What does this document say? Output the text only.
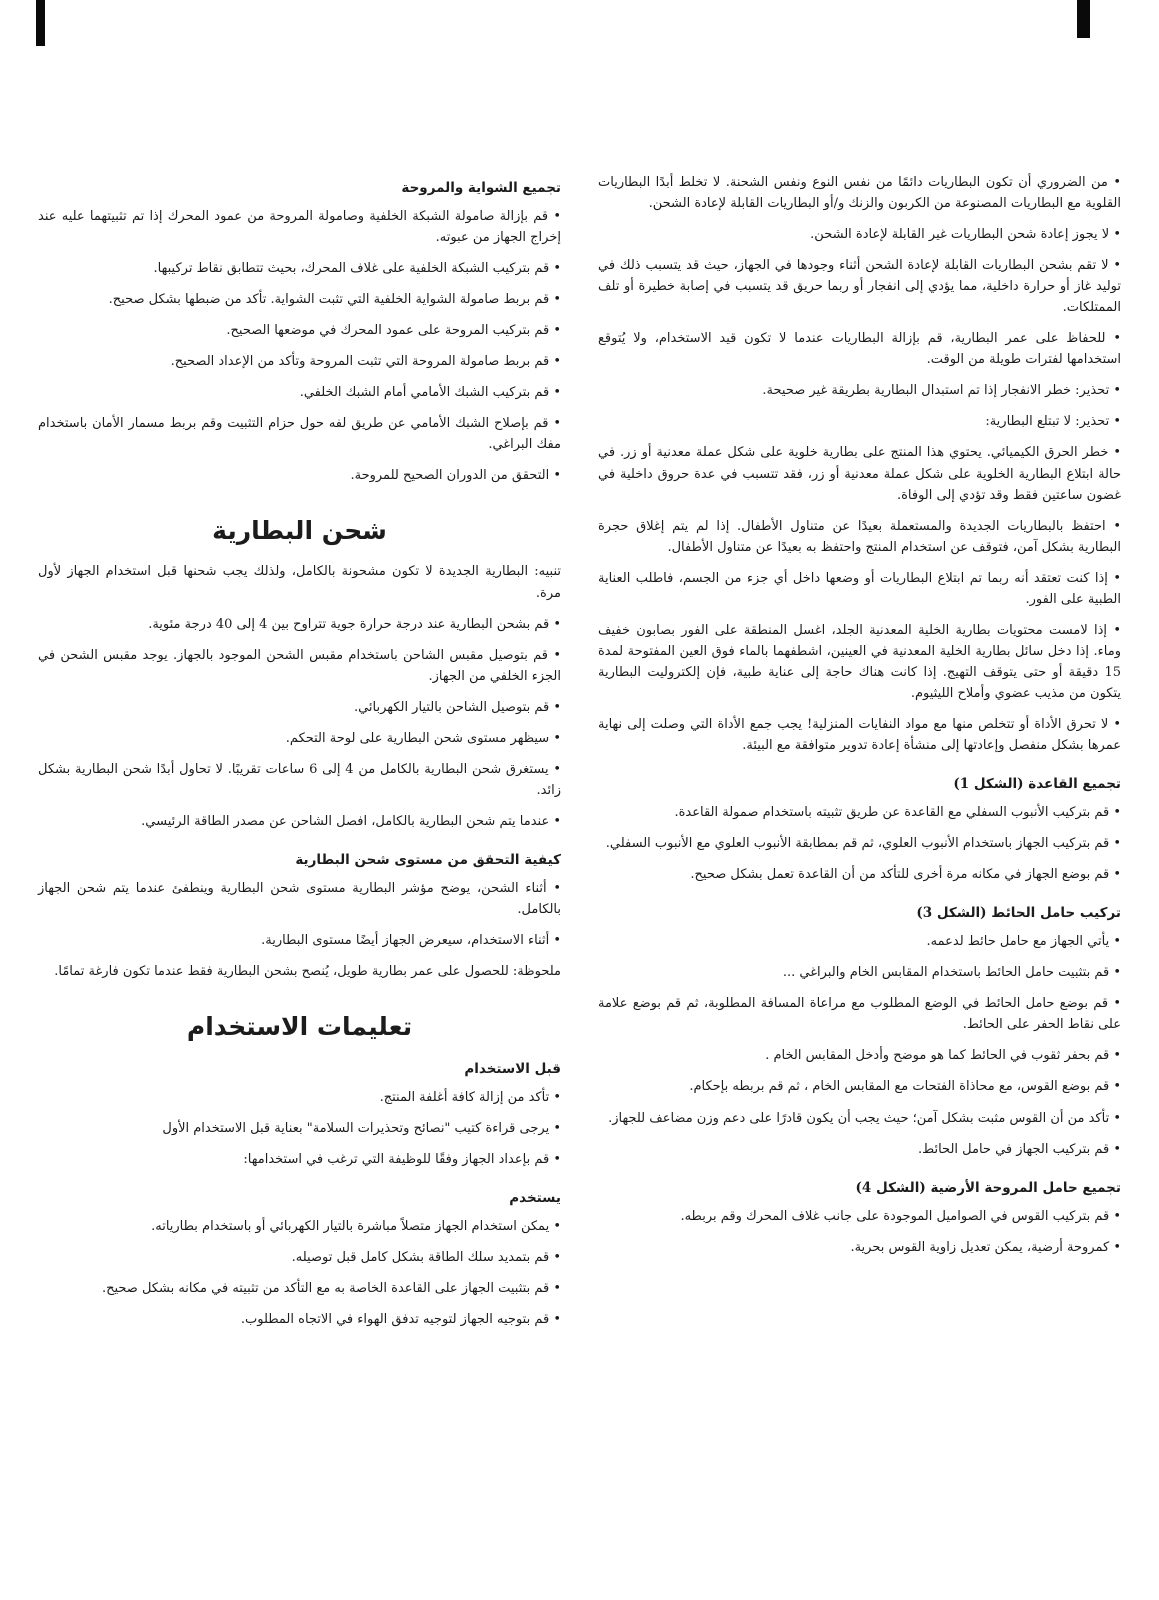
• من الضروري أن تكون البطاريات دائمًا من نفس النوع ونفس الشحنة. لا تخلط أبدًا البطاريات القلوية مع البطاريات المصنوعة من الكربون والزنك و/أو البطاريات القابلة لإعادة الشحن.

• لا يجوز إعادة شحن البطاريات غير القابلة لإعادة الشحن.

• لا تقم بشحن البطاريات القابلة لإعادة الشحن أثناء وجودها في الجهاز، حيث قد يتسبب ذلك في توليد غاز أو حرارة داخلية، مما يؤدي إلى انفجار أو ربما حريق قد يتسبب في إصابة خطيرة أو تلف الممتلكات.

• للحفاظ على عمر البطارية، قم بإزالة البطاريات عندما لا تكون قيد الاستخدام، ولا يُتوقع استخدامها لفترات طويلة من الوقت.

• تحذير: خطر الانفجار إذا تم استبدال البطارية بطريقة غير صحيحة.

• تحذير: لا تبتلع البطارية:

• خطر الحرق الكيميائي. يحتوي هذا المنتج على بطارية خلوية على شكل عملة معدنية أو زر. في حالة ابتلاع البطارية الخلوية على شكل عملة معدنية أو زر، فقد تتسبب في عدة حروق داخلية في غضون ساعتين فقط وقد تؤدي إلى الوفاة.

• احتفظ بالبطاريات الجديدة والمستعملة بعيدًا عن متناول الأطفال. إذا لم يتم إغلاق حجرة البطارية بشكل آمن، فتوقف عن استخدام المنتج واحتفظ به بعيدًا عن متناول الأطفال.

• إذا كنت تعتقد أنه ربما تم ابتلاع البطاريات أو وضعها داخل أي جزء من الجسم، فاطلب العناية الطبية على الفور.

• إذا لامست محتويات بطارية الخلية المعدنية الجلد، اغسل المنطقة على الفور بصابون خفيف وماء. إذا دخل سائل بطارية الخلية المعدنية في العينين، اشطفهما بالماء فوق العين المفتوحة لمدة 15 دقيقة أو حتى يتوقف التهيج. إذا كانت هناك حاجة إلى عناية طبية، فإن إلكتروليت البطارية يتكون من مذيب عضوي وأملاح الليثيوم.

• لا تحرق الأداة أو تتخلص منها مع مواد النفايات المنزلية! يجب جمع الأداة التي وصلت إلى نهاية عمرها بشكل منفصل وإعادتها إلى منشأة إعادة تدوير متوافقة مع البيئة.

تجميع القاعدة (الشكل 1)

• قم بتركيب الأنبوب السفلي مع القاعدة عن طريق تثبيته باستخدام صمولة القاعدة.

• قم بتركيب الجهاز باستخدام الأنبوب العلوي، ثم قم بمطابقة الأنبوب العلوي مع الأنبوب السفلي.

• قم بوضع الجهاز في مكانه مرة أخرى للتأكد من أن القاعدة تعمل بشكل صحيح.

تركيب حامل الحائط (الشكل 3)

• يأتي الجهاز مع حامل حائط لدعمه.

• قم بتثبيت حامل الحائط باستخدام المقابس الخام والبراغي ...

• قم بوضع حامل الحائط في الوضع المطلوب مع مراعاة المسافة المطلوبة، ثم قم بوضع علامة على نقاط الحفر على الحائط.

• قم بحفر ثقوب في الحائط كما هو موضح وأدخل المقابس الخام .

• قم بوضع القوس، مع محاذاة الفتحات مع المقابس الخام ، ثم قم بربطه بإحكام.

• تأكد من أن القوس مثبت بشكل آمن؛ حيث يجب أن يكون قادرًا على دعم وزن مضاعف للجهاز.

• قم بتركيب الجهاز في حامل الحائط.

تجميع حامل المروحة الأرضية (الشكل 4)

• قم بتركيب القوس في الصواميل الموجودة على جانب غلاف المحرك وقم بربطه.

• كمروحة أرضية، يمكن تعديل زاوية القوس بحرية.

تجميع الشواية والمروحة

• قم بإزالة صامولة الشبكة الخلفية وصامولة المروحة من عمود المحرك إذا تم تثبيتهما عليه عند إخراج الجهاز من عبوته.

• قم بتركيب الشبكة الخلفية على غلاف المحرك، بحيث تتطابق نقاط تركيبها.

• قم بربط صامولة الشواية الخلفية التي تثبت الشواية. تأكد من ضبطها بشكل صحيح.

• قم بتركيب المروحة على عمود المحرك في موضعها الصحيح.

• قم بربط صامولة المروحة التي تثبت المروحة وتأكد من الإعداد الصحيح.

• قم بتركيب الشبك الأمامي أمام الشبك الخلفي.

• قم بإصلاح الشبك الأمامي عن طريق لفه حول حزام التثبيت وقم بربط مسمار الأمان باستخدام مفك البراغي.

• التحقق من الدوران الصحيح للمروحة.

شحن البطارية

تنبيه: البطارية الجديدة لا تكون مشحونة بالكامل، ولذلك يجب شحنها قبل استخدام الجهاز لأول مرة.

• قم بشحن البطارية عند درجة حرارة جوية تتراوح بين 4 إلى 40 درجة مئوية.

• قم بتوصيل مقبس الشاحن باستخدام مقبس الشحن الموجود بالجهاز. يوجد مقبس الشحن في الجزء الخلفي من الجهاز.

• قم بتوصيل الشاحن بالتيار الكهربائي.

• سيظهر مستوى شحن البطارية على لوحة التحكم.

• يستغرق شحن البطارية بالكامل من 4 إلى 6 ساعات تقريبًا. لا تحاول أبدًا شحن البطارية بشكل زائد.

• عندما يتم شحن البطارية بالكامل، افصل الشاحن عن مصدر الطاقة الرئيسي.

كيفية التحقق من مستوى شحن البطارية

• أثناء الشحن، يوضح مؤشر البطارية مستوى شحن البطارية وينطفئ عندما يتم شحن الجهاز بالكامل.

• أثناء الاستخدام، سيعرض الجهاز أيضًا مستوى البطارية.

ملحوظة: للحصول على عمر بطارية طويل، يُنصح بشحن البطارية فقط عندما تكون فارغة تمامًا.

تعليمات الاستخدام
قبل الاستخدام

• تأكد من إزالة كافة أغلفة المنتج.

• يرجى قراءة كتيب "نصائح وتحذيرات السلامة" بعناية قبل الاستخدام الأول

• قم بإعداد الجهاز وفقًا للوظيفة التي ترغب في استخدامها:

يستخدم

• يمكن استخدام الجهاز متصلاً مباشرة بالتيار الكهربائي أو باستخدام بطارياته.

• قم بتمديد سلك الطاقة بشكل كامل قبل توصيله.

• قم بتثبيت الجهاز على القاعدة الخاصة به مع التأكد من تثبيته في مكانه بشكل صحيح.

• قم بتوجيه الجهاز لتوجيه تدفق الهواء في الاتجاه المطلوب.
